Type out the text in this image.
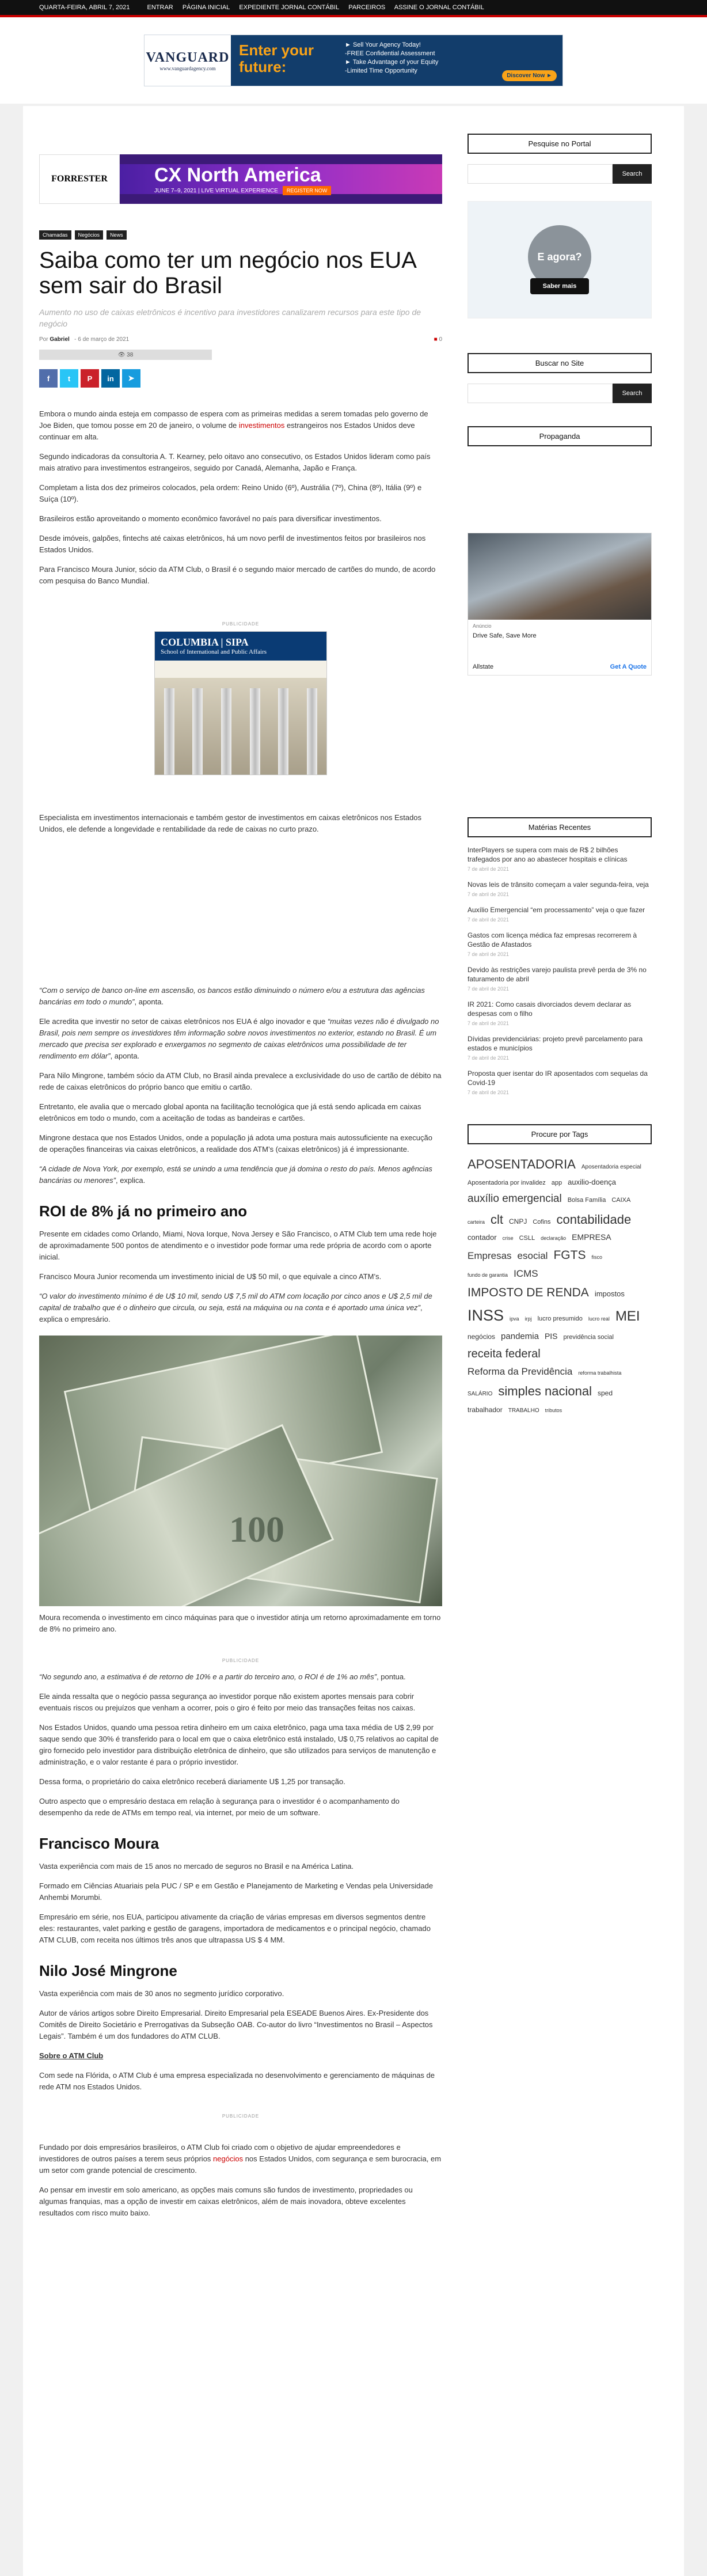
QUARTA-FEIRA, ABRIL 7, 2021	ENTRAR PÁGINA INICIAL EXPEDIENTE JORNAL CONTÁBIL PARCEIROS ASSINE O JORNAL CONTÁBIL
VANGUARD
www.vanguardagency.com
Enter your future:
► Sell Your Agency Today!
-FREE Confidential Assessment
► Take Advantage of your Equity
-Limited Time Opportunity
Discover Now ►
FORRESTER	CX North America
JUNE 7–9, 2021 | LIVE VIRTUAL EXPERIENCE REGISTER NOW
Chamadas	Negócios	News
Saiba como ter um negócio nos EUA sem sair do Brasil
Aumento no uso de caixas eletrônicos é incentivo para investidores canalizarem recursos para este tipo de negócio
Por Gabriel - 6 de março de 2021	■ 0
👁
38
f	t	P	in	➤

Embora o mundo ainda esteja em compasso de espera com as primeiras medidas a serem tomadas pelo governo de Joe Biden, que tomou posse em 20 de janeiro, o volume de investimentos estrangeiros nos Estados Unidos deve continuar em alta.

Segundo indicadoras da consultoria A. T. Kearney, pelo oitavo ano consecutivo, os Estados Unidos lideram como país mais atrativo para investimentos estrangeiros, seguido por Canadá, Alemanha, Japão e França.

Completam a lista dos dez primeiros colocados, pela ordem: Reino Unido (6º), Austrália (7º), China (8º), Itália (9º) e Suíça (10º).

Brasileiros estão aproveitando o momento econômico favorável no país para diversificar investimentos.

Desde imóveis, galpões, fintechs até caixas eletrônicos, há um novo perfil de investimentos feitos por brasileiros nos Estados Unidos.

Para Francisco Moura Junior, sócio da ATM Club, o Brasil é o segundo maior mercado de cartões do mundo, de acordo com pesquisa do Banco Mundial.

PUBLICIDADE
COLUMBIA | SIPA
School of International and Public Affairs

Especialista em investimentos internacionais e também gestor de investimentos em caixas eletrônicos nos Estados Unidos, ele defende a longevidade e rentabilidade da rede de caixas no curto prazo.

“Com o serviço de banco on-line em ascensão, os bancos estão diminuindo o número e/ou a estrutura das agências bancárias em todo o mundo”, aponta.

Ele acredita que investir no setor de caixas eletrônicos nos EUA é algo inovador e que “muitas vezes não é divulgado no Brasil, pois nem sempre os investidores têm informação sobre novos investimentos no exterior, estando no Brasil. É um mercado que precisa ser explorado e enxergamos no segmento de caixas eletrônicos uma possibilidade de ter rendimento em dólar”, aponta.

Para Nilo Mingrone, também sócio da ATM Club, no Brasil ainda prevalece a exclusividade do uso de cartão de débito na rede de caixas eletrônicos do próprio banco que emitiu o cartão.

Entretanto, ele avalia que o mercado global aponta na facilitação tecnológica que já está sendo aplicada em caixas eletrônicos em todo o mundo, com a aceitação de todas as bandeiras e cartões.

Mingrone destaca que nos Estados Unidos, onde a população já adota uma postura mais autossuficiente na execução de operações financeiras via caixas eletrônicos, a realidade dos ATM’s (caixas eletrônicos) já é impressionante.

“A cidade de Nova York, por exemplo, está se unindo a uma tendência que já domina o resto do país. Menos agências bancárias ou menores”, explica.

ROI de 8% já no primeiro ano

Presente em cidades como Orlando, Miami, Nova Iorque, Nova Jersey e São Francisco, o ATM Club tem uma rede hoje de aproximadamente 500 pontos de atendimento e o investidor pode formar uma rede própria de acordo com o aporte inicial.

Francisco Moura Junior recomenda um investimento inicial de U$ 50 mil, o que equivale a cinco ATM’s.

“O valor do investimento mínimo é de U$ 10 mil, sendo U$ 7,5 mil do ATM com locação por cinco anos e U$ 2,5 mil de capital de trabalho que é o dinheiro que circula, ou seja, está na máquina ou na conta e é aportado uma única vez”, explica o empresário.

100

Moura recomenda o investimento em cinco máquinas para que o investidor atinja um retorno aproximadamente em torno de 8% no primeiro ano.

PUBLICIDADE

“No segundo ano, a estimativa é de retorno de 10% e a partir do terceiro ano, o ROI é de 1% ao mês”, pontua.

Ele ainda ressalta que o negócio passa segurança ao investidor porque não existem aportes mensais para cobrir eventuais riscos ou prejuízos que venham a ocorrer, pois o giro é feito por meio das transações feitas nos caixas.

Nos Estados Unidos, quando uma pessoa retira dinheiro em um caixa eletrônico, paga uma taxa média de U$ 2,99 por saque sendo que 30% é transferido para o local em que o caixa eletrônico está instalado, U$ 0,75 relativos ao capital de giro fornecido pelo investidor para distribuição eletrônica de dinheiro, que são utilizados para serviços de manutenção e administração, e o valor restante é para o próprio investidor.

Dessa forma, o proprietário do caixa eletrônico receberá diariamente U$ 1,25 por transação.

Outro aspecto que o empresário destaca em relação à segurança para o investidor é o acompanhamento do desempenho da rede de ATMs em tempo real, via internet, por meio de um software.

Francisco Moura

Vasta experiência com mais de 15 anos no mercado de seguros no Brasil e na América Latina.

Formado em Ciências Atuariais pela PUC / SP e em Gestão e Planejamento de Marketing e Vendas pela Universidade Anhembi Morumbi.

Empresário em série, nos EUA, participou ativamente da criação de várias empresas em diversos segmentos dentre eles: restaurantes, valet parking e gestão de garagens, importadora de medicamentos e o principal negócio, chamado ATM CLUB, com receita nos últimos três anos que ultrapassa US $ 4 MM.

Nilo José Mingrone

Vasta experiência com mais de 30 anos no segmento jurídico corporativo.

Autor de vários artigos sobre Direito Empresarial. Direito Empresarial pela ESEADE Buenos Aires. Ex-Presidente dos Comitês de Direito Societário e Prerrogativas da Subseção OAB. Co-autor do livro “Investimentos no Brasil – Aspectos Legais”. Também é um dos fundadores do ATM CLUB.

Sobre o ATM Club

Com sede na Flórida, o ATM Club é uma empresa especializada no desenvolvimento e gerenciamento de máquinas de rede ATM nos Estados Unidos.

PUBLICIDADE

Fundado por dois empresários brasileiros, o ATM Club foi criado com o objetivo de ajudar empreendedores e investidores de outros países a terem seus próprios negócios nos Estados Unidos, com segurança e sem burocracia, em um setor com grande potencial de crescimento.

Ao pensar em investir em solo americano, as opções mais comuns são fundos de investimento, propriedades ou algumas franquias, mas a opção de investir em caixas eletrônicos, além de mais inovadora, obteve excelentes resultados com risco muito baixo.

Pesquise no Portal
Search
E agora?
Saber mais
Buscar no Site
Search
Propaganda
Anúncio
Drive Safe, Save More
Allstate	Get A Quote
Matérias Recentes
InterPlayers se supera com mais de R$ 2 bilhões trafegados por ano ao abastecer hospitais e clínicas
7 de abril de 2021
Novas leis de trânsito começam a valer segunda-feira, veja
7 de abril de 2021
Auxílio Emergencial “em processamento” veja o que fazer
7 de abril de 2021
Gastos com licença médica faz empresas recorrerem à Gestão de Afastados
7 de abril de 2021
Devido às restrições varejo paulista prevê perda de 3% no faturamento de abril
7 de abril de 2021
IR 2021: Como casais divorciados devem declarar as despesas com o filho
7 de abril de 2021
Dívidas previdenciárias: projeto prevê parcelamento para estados e municípios
7 de abril de 2021
Proposta quer isentar do IR aposentados com sequelas da Covid-19
7 de abril de 2021
Procure por Tags
APOSENTADORIA Aposentadoria especialAposentadoria por invalidez app auxilio-doençaauxílio emergencial Bolsa Família CAIXAcarteira clt CNPJ Cofins contabilidadecontador crise CSLL declaração EMPRESAEmpresas esocial FGTS fiscofundo de garantia ICMSIMPOSTO DE RENDA impostosINSS ipva irpj lucro presumido lucro real MEInegócios pandemia PIS previdência socialreceita federalReforma da Previdência reforma trabalhistaSALÁRIO simples nacional spedtrabalhador TRABALHO tributos
